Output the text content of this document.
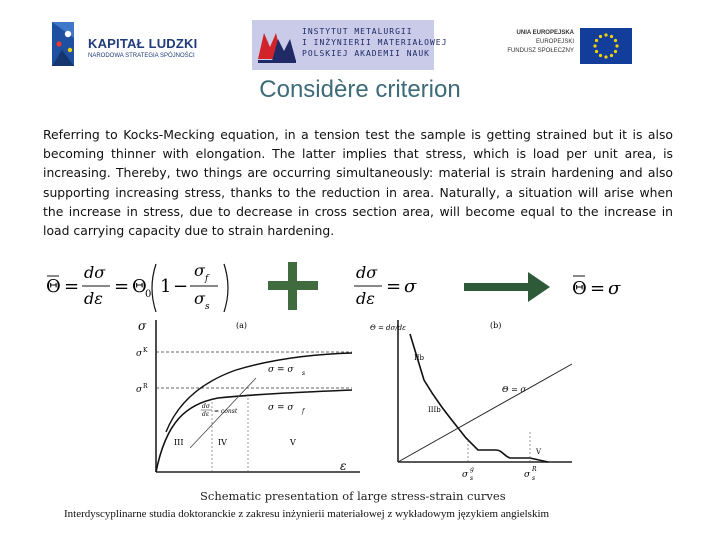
KAPITAŁ LUDZKI
NARODOWA STRATEGIA SPÓJNOŚCI
INSTYTUT METALURGII
I INŻYNIERII MATERIAŁOWEJ
POLSKIEJ AKADEMII NAUK
UNIA EUROPEJSKA
EUROPEJSKI
FUNDUSZ SPOŁECZNY
Considère criterion
Referring to Kocks-Mecking equation, in a tension test the sample is getting strained but it is also becoming thinner with elongation. The latter implies that stress, which is load per unit area, is increasing. Thereby, two things are occurring simultaneously: material is strain hardening and also supporting increasing stress, thanks to the reduction in area. Naturally, a situation will arise when the increase in stress, due to decrease in cross section area, will become equal to the increase in load carrying capacity due to strain hardening.
Θ =
dσ
dε
= Θ
0 1 −
σ f
σ s
dσ
dε
= σ	Θ = σ
σ
ε
(a)
σ K
σ R
σ = σ s
σ = σ f
dσ
dε = const
III	IV	V
Θ = dσ/dε	(b)
IIb
IIIb
V
Θ = σ
σ
g
s	σ
R
s
Schematic presentation of large stress-strain curves
Interdyscyplinarne studia doktoranckie z zakresu inżynierii materiałowej z wykładowym językiem angielskim
